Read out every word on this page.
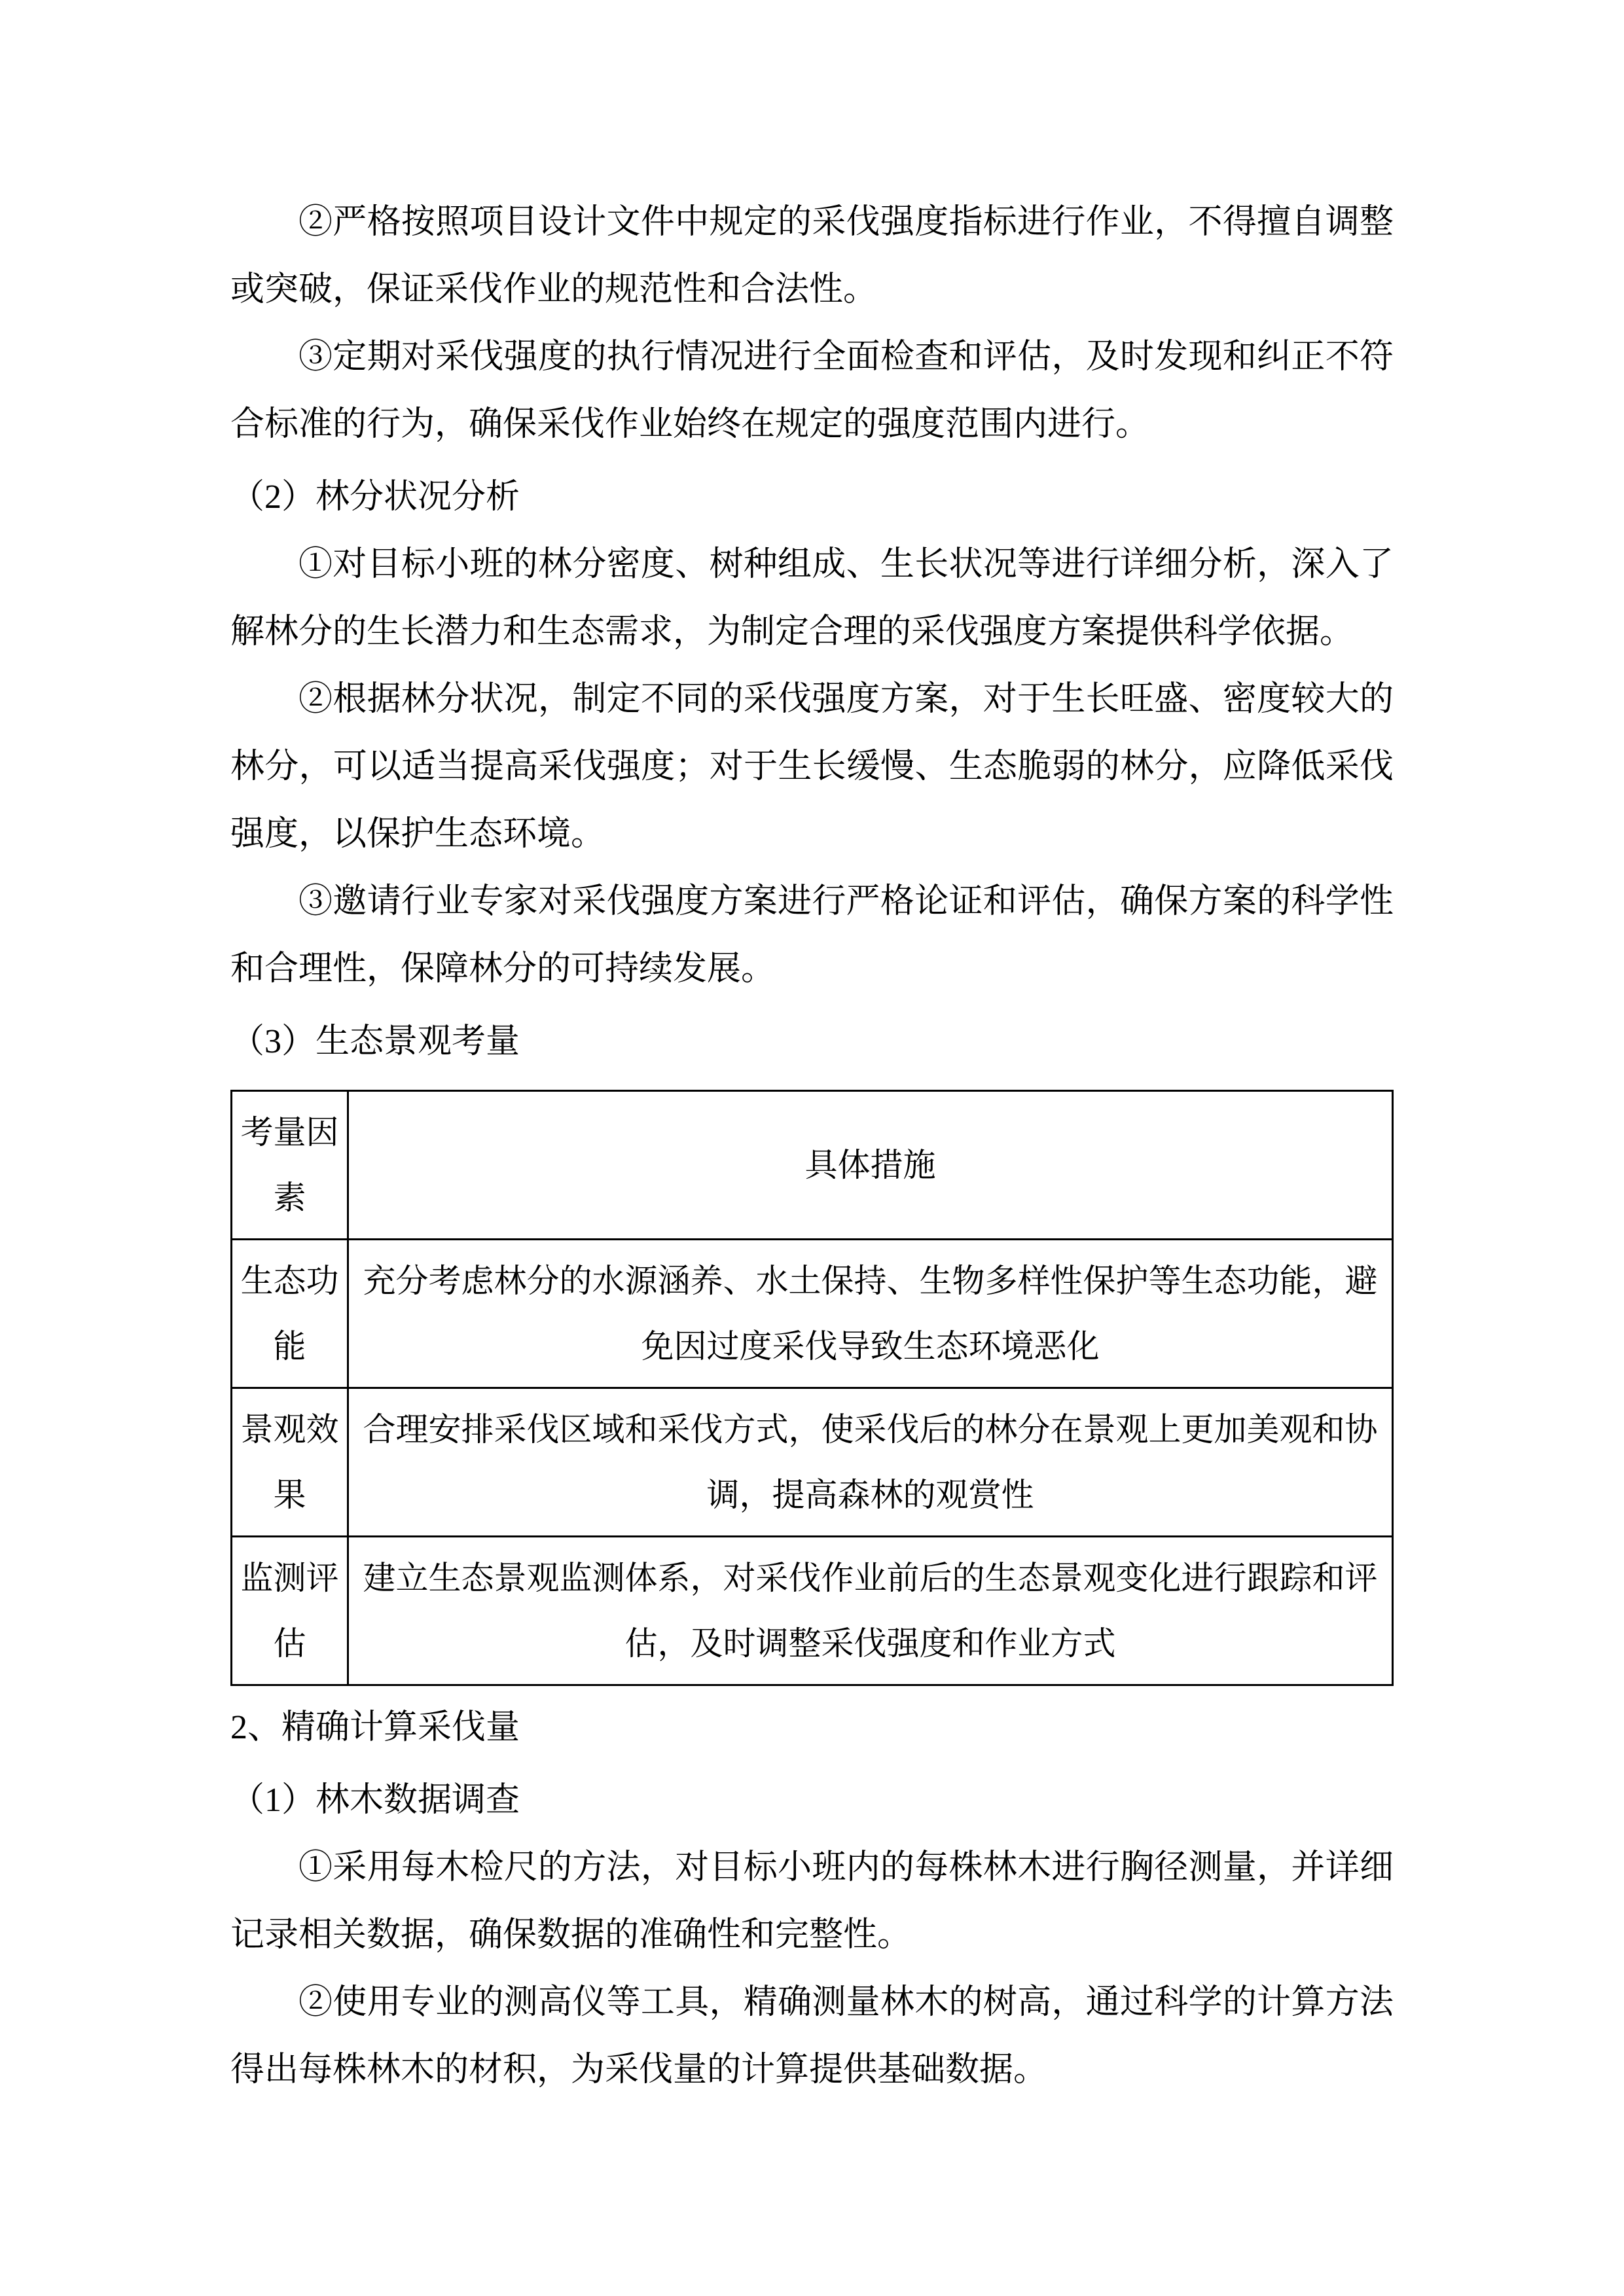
②严格按照项目设计文件中规定的采伐强度指标进行作业，不得擅自调整或突破，保证采伐作业的规范性和合法性。

③定期对采伐强度的执行情况进行全面检查和评估，及时发现和纠正不符合标准的行为，确保采伐作业始终在规定的强度范围内进行。

（2）林分状况分析

①对目标小班的林分密度、树种组成、生长状况等进行详细分析，深入了解林分的生长潜力和生态需求，为制定合理的采伐强度方案提供科学依据。

②根据林分状况，制定不同的采伐强度方案，对于生长旺盛、密度较大的林分，可以适当提高采伐强度；对于生长缓慢、生态脆弱的林分，应降低采伐强度，以保护生态环境。

③邀请行业专家对采伐强度方案进行严格论证和评估，确保方案的科学性和合理性，保障林分的可持续发展。

（3）生态景观考量
考量因素	具体措施
生态功能	充分考虑林分的水源涵养、水土保持、生物多样性保护等生态功能，避免因过度采伐导致生态环境恶化
景观效果	合理安排采伐区域和采伐方式，使采伐后的林分在景观上更加美观和协调，提高森林的观赏性
监测评估	建立生态景观监测体系，对采伐作业前后的生态景观变化进行跟踪和评估，及时调整采伐强度和作业方式
2、精确计算采伐量
（1）林木数据调查

①采用每木检尺的方法，对目标小班内的每株林木进行胸径测量，并详细记录相关数据，确保数据的准确性和完整性。

②使用专业的测高仪等工具，精确测量林木的树高，通过科学的计算方法得出每株林木的材积，为采伐量的计算提供基础数据。
